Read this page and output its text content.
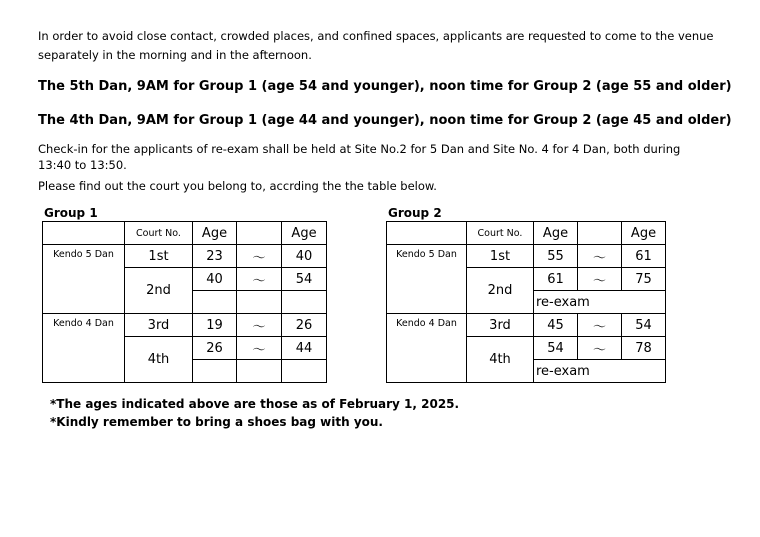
In order to avoid close contact, crowded places, and confined spaces, applicants are requested to come to the venue
separately in the morning and in the afternoon.
The 5th Dan, 9AM for Group 1 (age 54 and younger), noon time for Group 2 (age 55 and older)
The 4th Dan, 9AM for Group 1 (age 44 and younger), noon time for Group 2 (age 45 and older)
Check-in for the applicants of re-exam shall be held at Site No.2 for 5 Dan and Site No. 4 for 4 Dan, both during
13:40 to 13:50.
Please find out the court you belong to, accrding the the table below.
Group 1
	Court No.	Age		Age
Kendo 5 Dan	1st	23	～	40
	2nd	40	～	54

Kendo 4 Dan	3rd	19	～	26
	4th	26	～	44

Group 2
	Court No.	Age		Age
Kendo 5 Dan	1st	55	～	61
	2nd	61	～	75
		re-exam		
Kendo 4 Dan	3rd	45	～	54
	4th	54	～	78
		re-exam		
*The ages indicated above are those as of February 1, 2025.
*Kindly remember to bring a shoes bag with you.
